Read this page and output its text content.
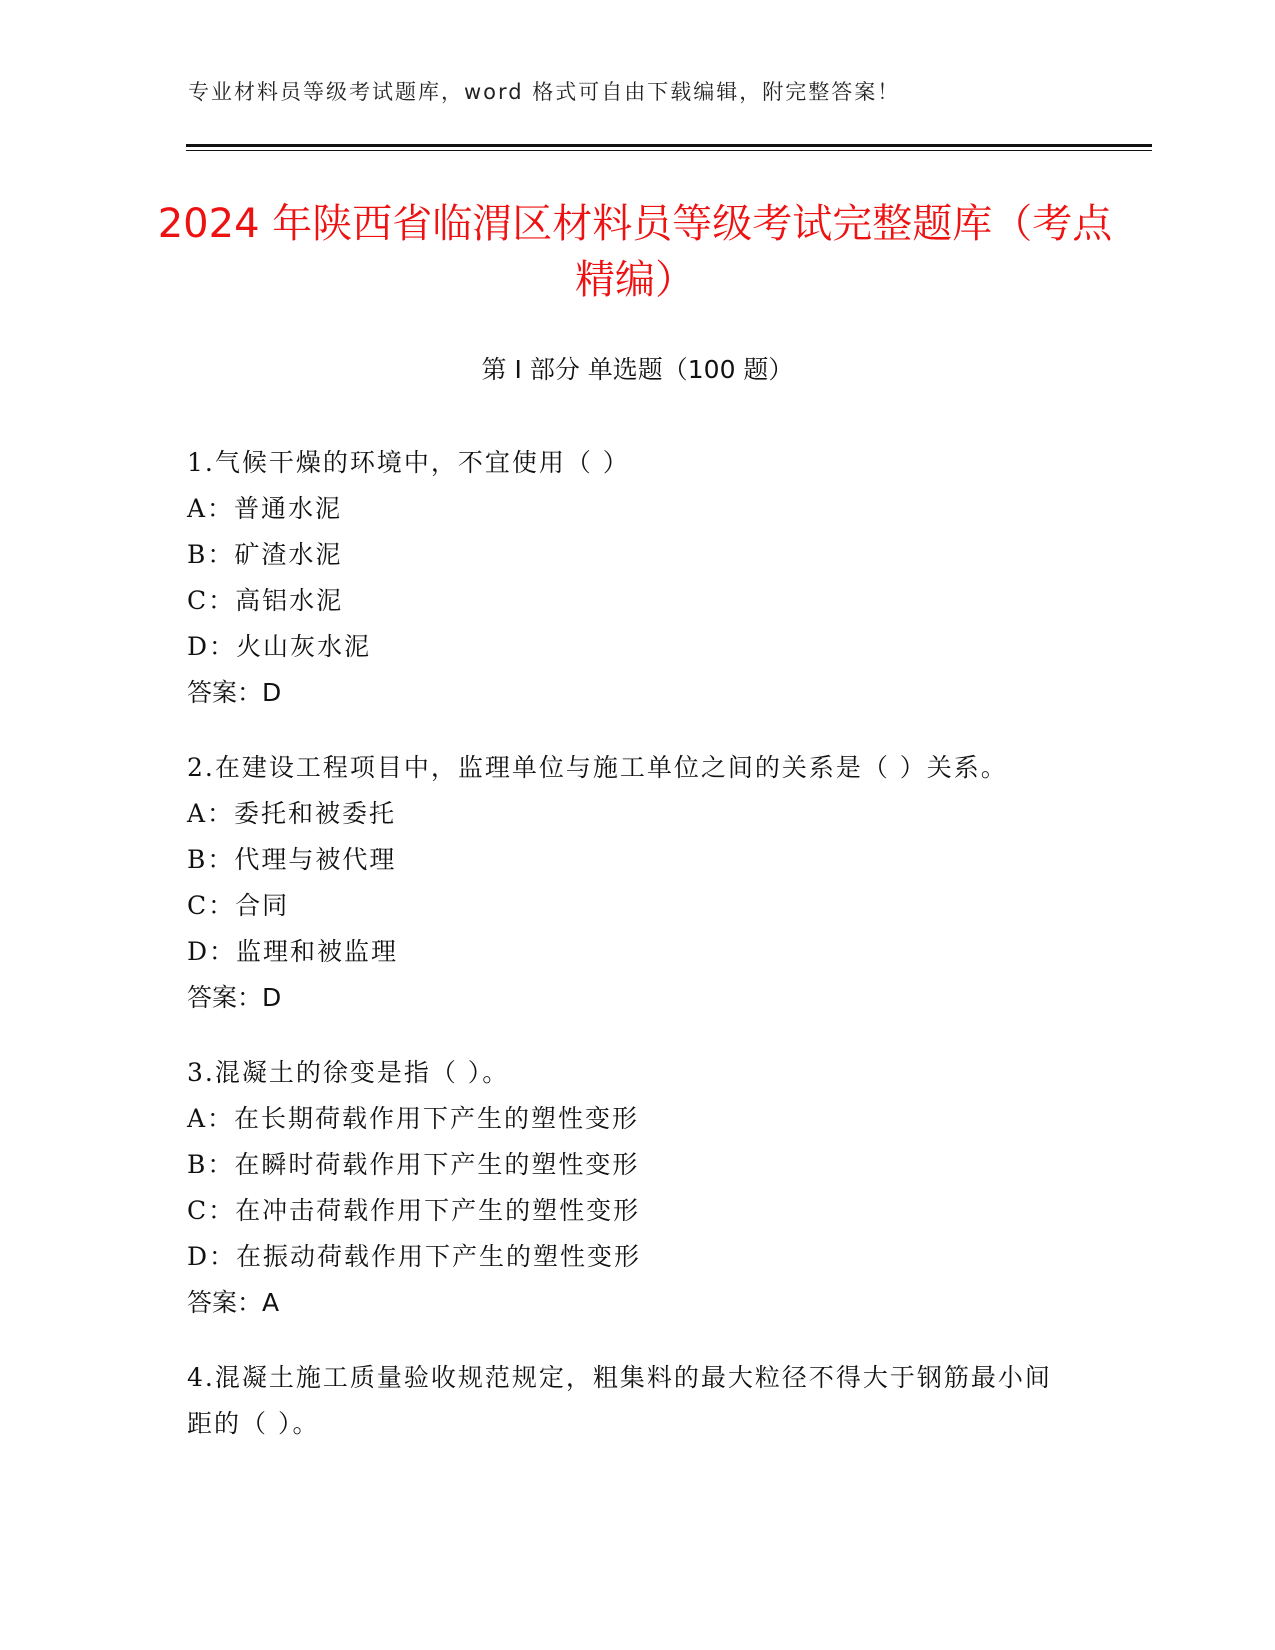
专业材料员等级考试题库，word 格式可自由下载编辑，附完整答案！
2024 年陕西省临渭区材料员等级考试完整题库（考点精编）
第 I 部分 单选题（100 题）

1.气候干燥的环境中，不宜使用（ ）

A：普通水泥

B：矿渣水泥

C：高铝水泥

D：火山灰水泥

答案：D

2.在建设工程项目中，监理单位与施工单位之间的关系是（ ）关系。

A：委托和被委托

B：代理与被代理

C：合同

D：监理和被监理

答案：D

3.混凝土的徐变是指（ ）。

A：在长期荷载作用下产生的塑性变形

B：在瞬时荷载作用下产生的塑性变形

C：在冲击荷载作用下产生的塑性变形

D：在振动荷载作用下产生的塑性变形

答案：A

4.混凝土施工质量验收规范规定，粗集料的最大粒径不得大于钢筋最小间距的（ ）。
